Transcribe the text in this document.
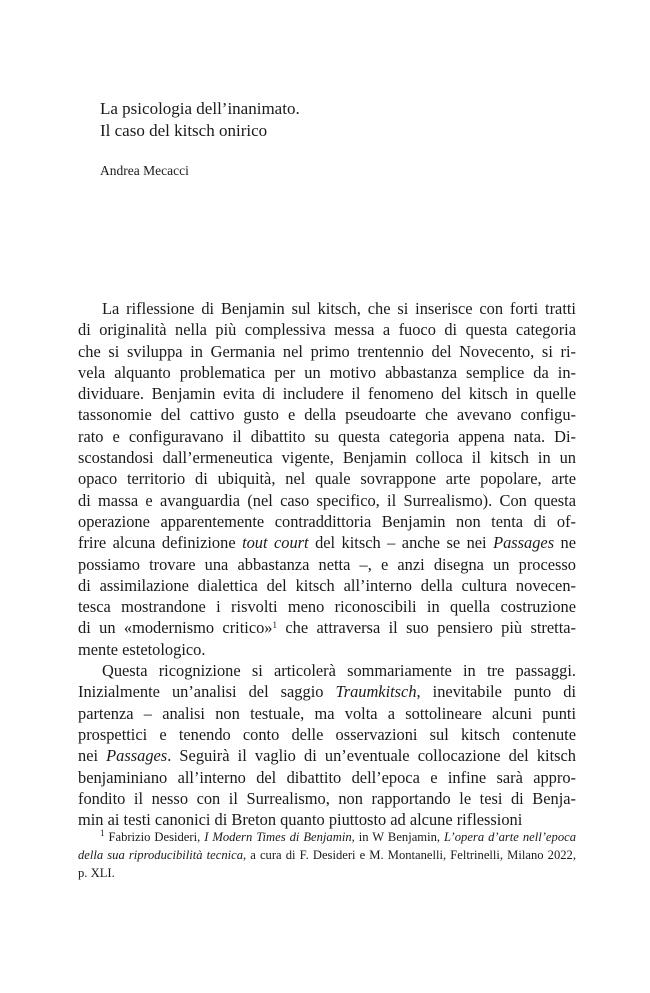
La psicologia dell’inanimato.
Il caso del kitsch onirico
Andrea Mecacci
La riflessione di Benjamin sul kitsch, che si inserisce con forti tratti
di originalità nella più complessiva messa a fuoco di questa categoria
che si sviluppa in Germania nel primo trentennio del Novecento, si ri-
vela alquanto problematica per un motivo abbastanza semplice da in-
dividuare. Benjamin evita di includere il fenomeno del kitsch in quelle
tassonomie del cattivo gusto e della pseudoarte che avevano configu-
rato e configuravano il dibattito su questa categoria appena nata. Di-
scostandosi dall’ermeneutica vigente, Benjamin colloca il kitsch in un
opaco territorio di ubiquità, nel quale sovrappone arte popolare, arte
di massa e avanguardia (nel caso specifico, il Surrealismo). Con questa
operazione apparentemente contraddittoria Benjamin non tenta di of-
frire alcuna definizione tout court del kitsch – anche se nei Passages ne
possiamo trovare una abbastanza netta –, e anzi disegna un processo
di assimilazione dialettica del kitsch all’interno della cultura novecen-
tesca mostrandone i risvolti meno riconoscibili in quella costruzione
di un «modernismo critico»$^1$ che attraversa il suo pensiero più stretta-
mente estetologico.
Questa ricognizione si articolerà sommariamente in tre passaggi.
Inizialmente un’analisi del saggio Traumkitsch, inevitabile punto di
partenza – analisi non testuale, ma volta a sottolineare alcuni punti
prospettici e tenendo conto delle osservazioni sul kitsch contenute
nei Passages. Seguirà il vaglio di un’eventuale collocazione del kitsch
benjaminiano all’interno del dibattito dell’epoca e infine sarà appro-
fondito il nesso con il Surrealismo, non rapportando le tesi di Benja-
min ai testi canonici di Breton quanto piuttosto ad alcune riflessioni
$^1$ Fabrizio Desideri, I Modern Times di Benjamin, in W Benjamin, L’opera d’arte nell’epoca
della sua riproducibilità tecnica, a cura di F. Desideri e M. Montanelli, Feltrinelli, Milano 2022,
p. XLI.
